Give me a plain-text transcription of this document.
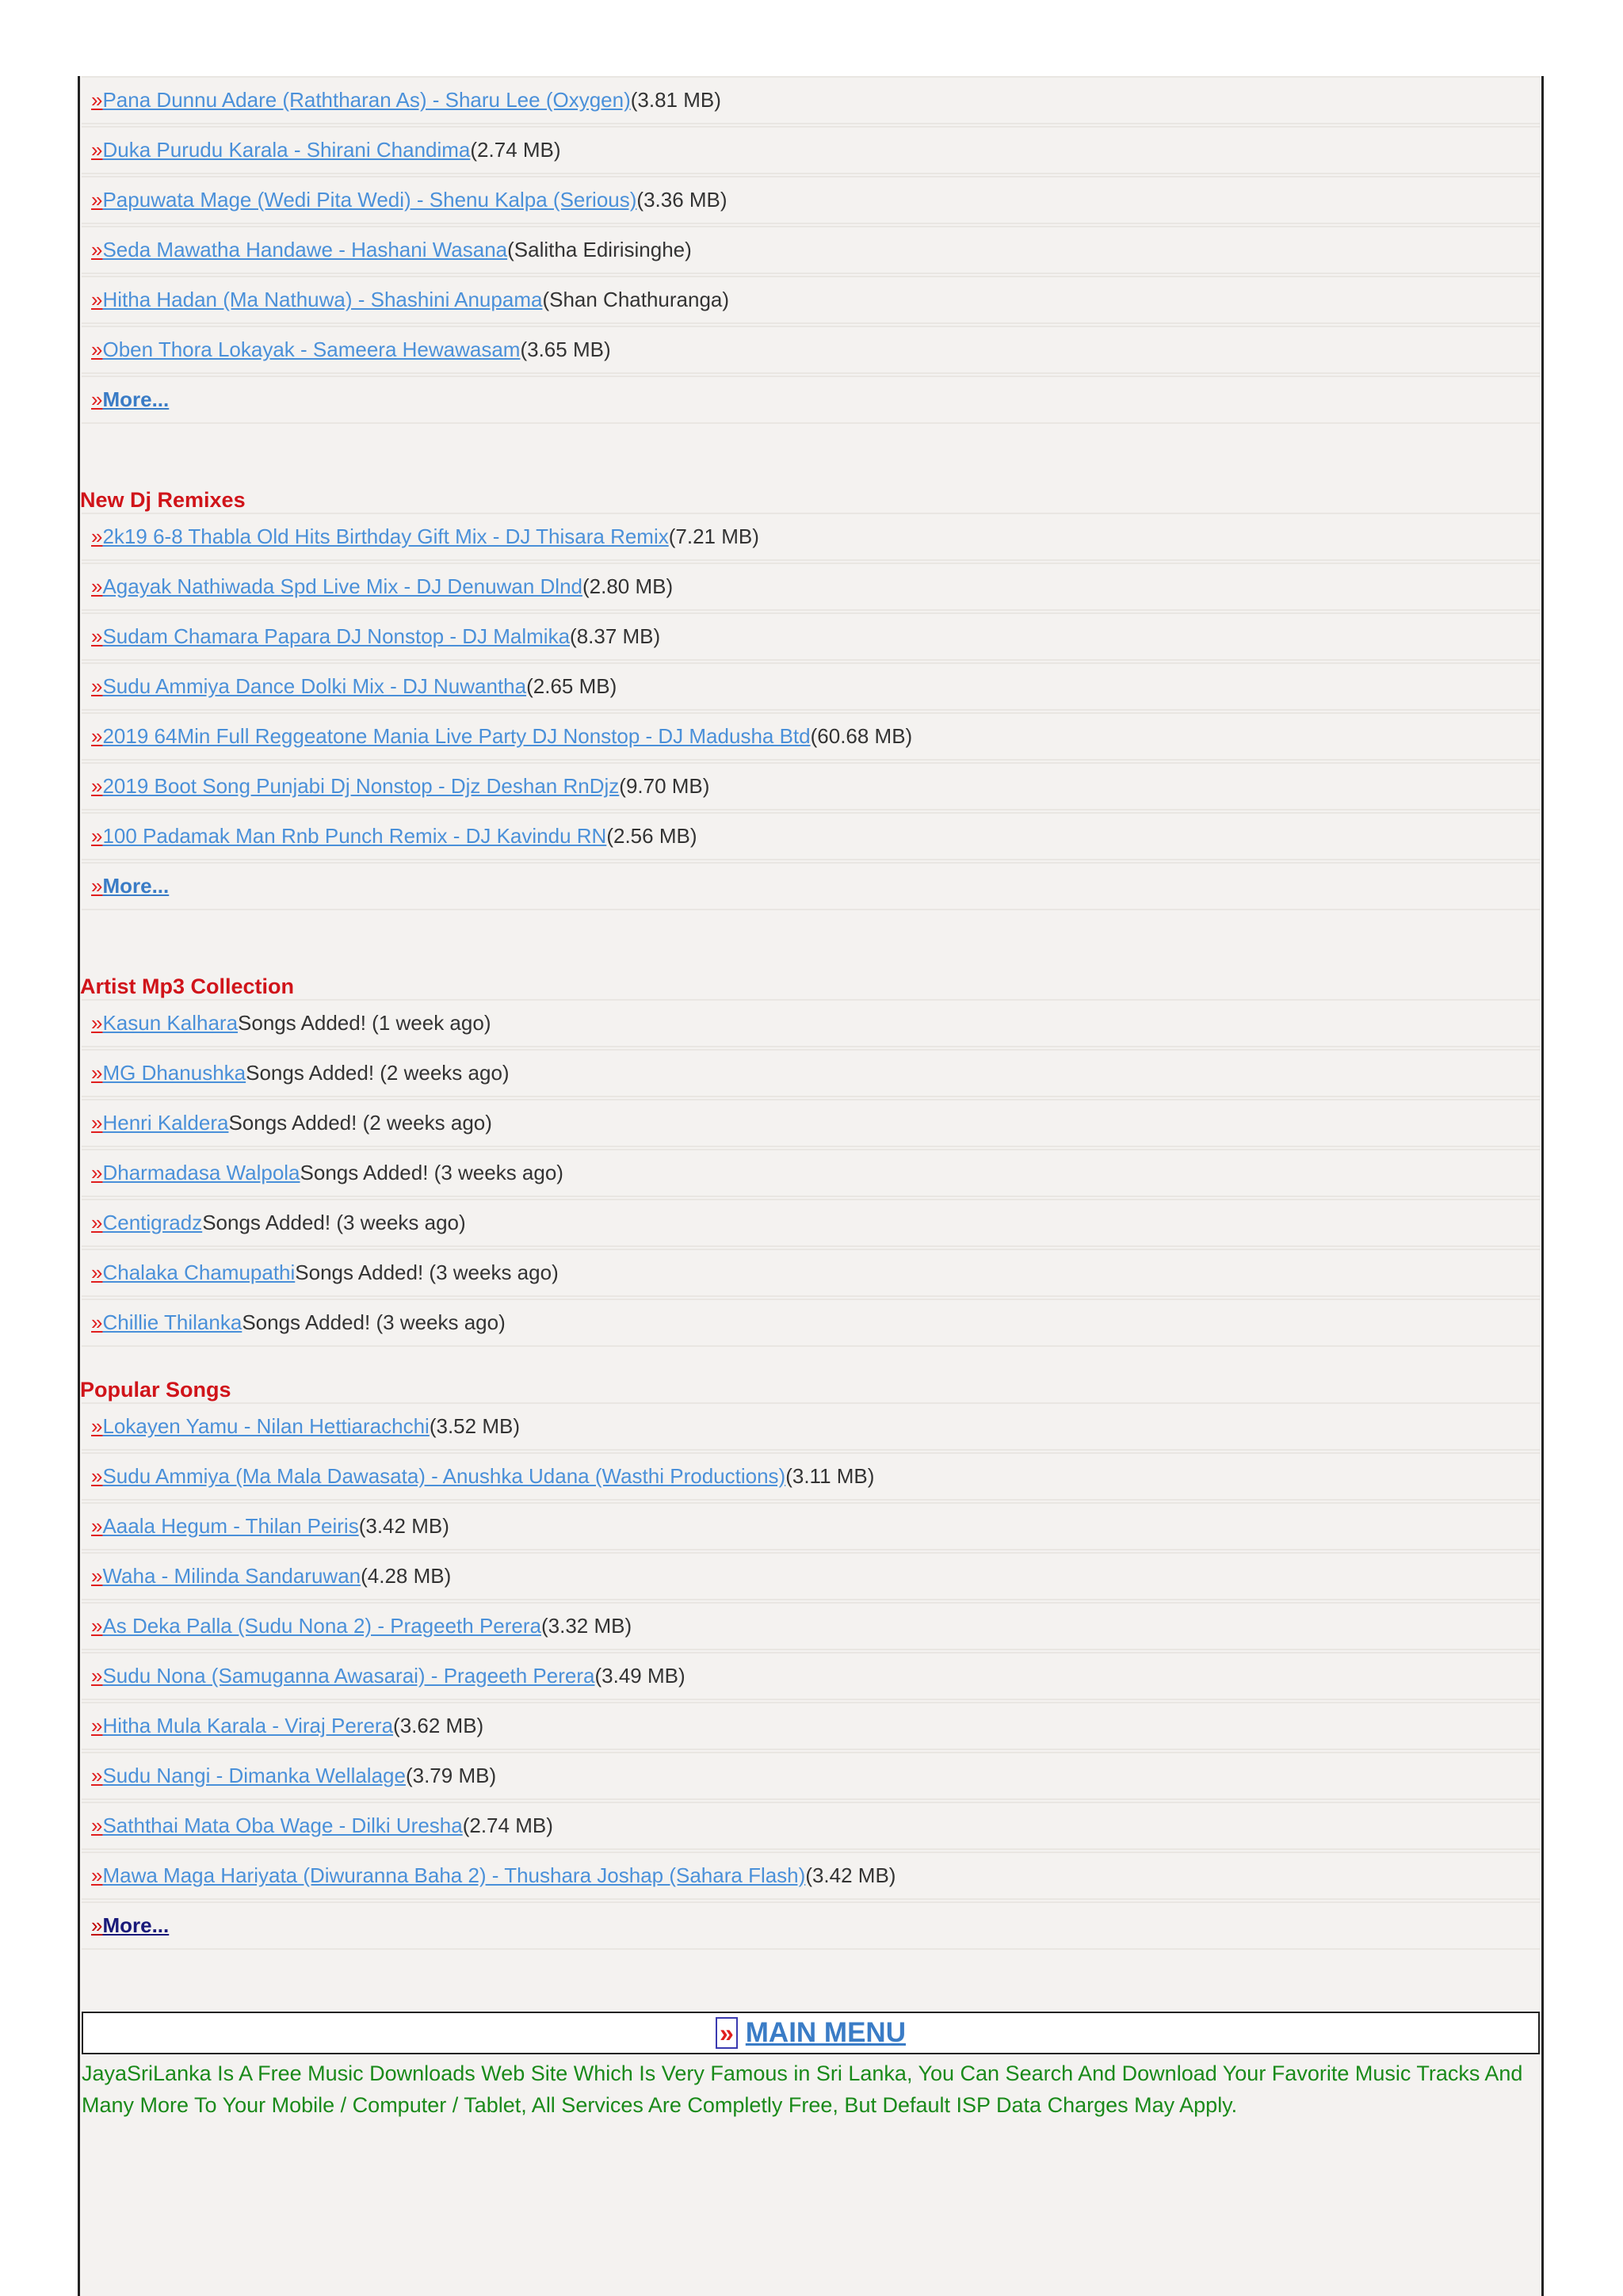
» Pana Dunnu Adare (Raththaran As) - Sharu Lee (Oxygen) (3.81 MB)
» Duka Purudu Karala - Shirani Chandima (2.74 MB)
» Papuwata Mage (Wedi Pita Wedi) - Shenu Kalpa (Serious) (3.36 MB)
» Seda Mawatha Handawe - Hashani Wasana (Salitha Edirisinghe)
» Hitha Hadan (Ma Nathuwa) - Shashini Anupama (Shan Chathuranga)
» Oben Thora Lokayak - Sameera Hewawasam (3.65 MB)
» More...
New Dj Remixes
» 2k19 6-8 Thabla Old Hits Birthday Gift Mix - DJ Thisara Remix (7.21 MB)
» Agayak Nathiwada Spd Live Mix - DJ Denuwan Dlnd (2.80 MB)
» Sudam Chamara Papara DJ Nonstop - DJ Malmika (8.37 MB)
» Sudu Ammiya Dance Dolki Mix - DJ Nuwantha (2.65 MB)
» 2019 64Min Full Reggeatone Mania Live Party DJ Nonstop - DJ Madusha Btd (60.68 MB)
» 2019 Boot Song Punjabi Dj Nonstop - Djz Deshan RnDjz (9.70 MB)
» 100 Padamak Man Rnb Punch Remix - DJ Kavindu RN (2.56 MB)
» More...
Artist Mp3 Collection
» Kasun Kalhara Songs Added! (1 week ago)
» MG Dhanushka Songs Added! (2 weeks ago)
» Henri Kaldera Songs Added! (2 weeks ago)
» Dharmadasa Walpola Songs Added! (3 weeks ago)
» Centigradz Songs Added! (3 weeks ago)
» Chalaka Chamupathi Songs Added! (3 weeks ago)
» Chillie Thilanka Songs Added! (3 weeks ago)
Popular Songs
» Lokayen Yamu - Nilan Hettiarachchi (3.52 MB)
» Sudu Ammiya (Ma Mala Dawasata) - Anushka Udana (Wasthi Productions) (3.11 MB)
» Aaala Hegum - Thilan Peiris (3.42 MB)
» Waha - Milinda Sandaruwan (4.28 MB)
» As Deka Palla (Sudu Nona 2) - Prageeth Perera (3.32 MB)
» Sudu Nona (Samuganna Awasarai) - Prageeth Perera (3.49 MB)
» Hitha Mula Karala - Viraj Perera (3.62 MB)
» Sudu Nangi - Dimanka Wellalage (3.79 MB)
» Saththai Mata Oba Wage - Dilki Uresha (2.74 MB)
» Mawa Maga Hariyata (Diwuranna Baha 2) - Thushara Joshap (Sahara Flash) (3.42 MB)
» More...
» MAIN MENU
JayaSriLanka Is A Free Music Downloads Web Site Which Is Very Famous in Sri Lanka, You Can Search And Download Your Favorite Music Tracks And Many More To Your Mobile / Computer / Tablet, All Services Are Completly Free, But Default ISP Data Charges May Apply.
